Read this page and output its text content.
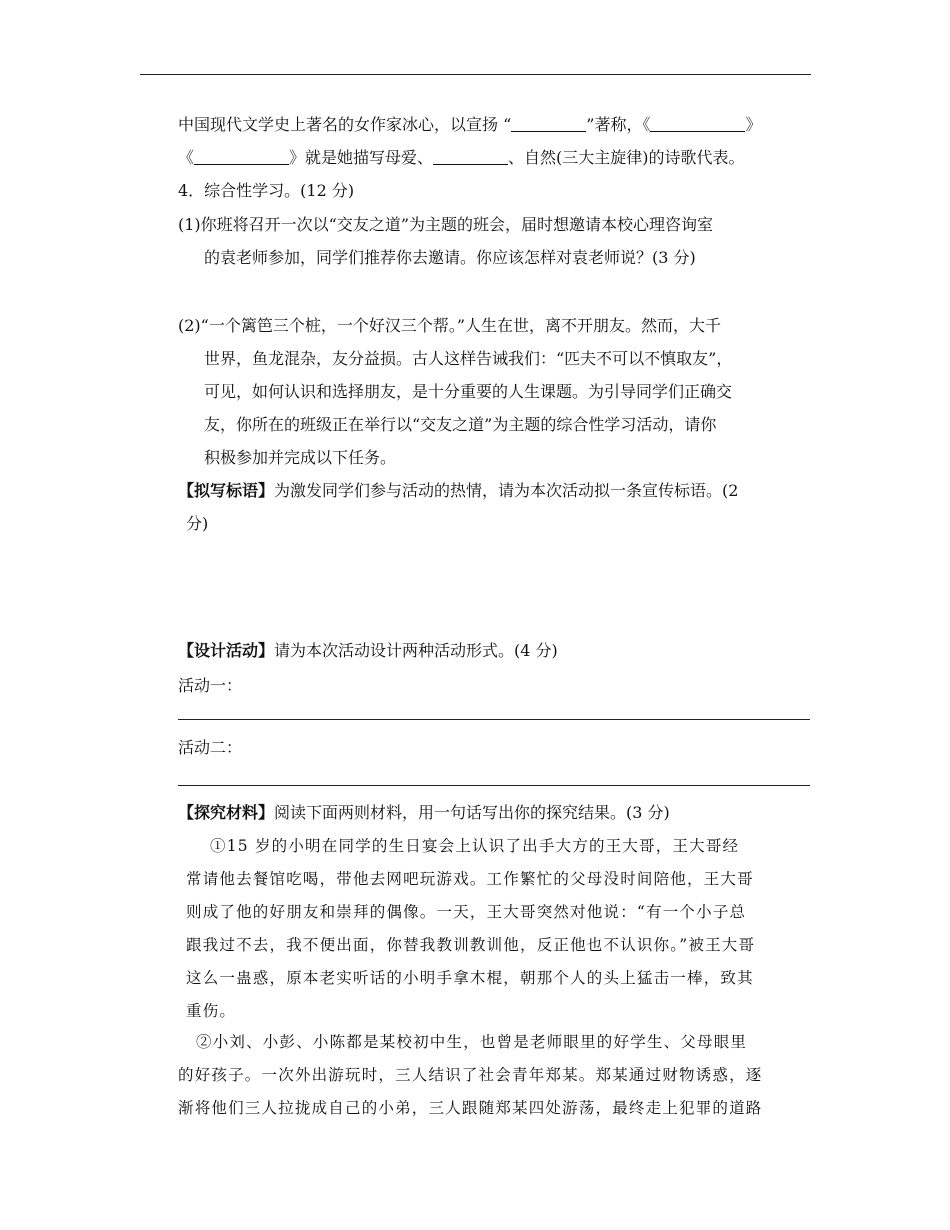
中国现代文学史上著名的女作家冰心，以宣扬 “	”著称，《	》
《	》就是她描写母爱、	、自然(三大主旋律)的诗歌代表。
4．综合性学习。(12 分)
(1)你班将召开一次以“交友之道”为主题的班会，届时想邀请本校心理咨询室
的袁老师参加，同学们推荐你去邀请。你应该怎样对袁老师说？(3 分)
(2)“一个篱笆三个桩，一个好汉三个帮。”人生在世，离不开朋友。然而，大千
世界，鱼龙混杂，友分益损。古人这样告诫我们：“匹夫不可以不慎取友”，
可见，如何认识和选择朋友，是十分重要的人生课题。为引导同学们正确交
友，你所在的班级正在举行以“交友之道”为主题的综合性学习活动，请你
积极参加并完成以下任务。
【拟写标语】为激发同学们参与活动的热情，请为本次活动拟一条宣传标语。(2
分)
【设计活动】请为本次活动设计两种活动形式。(4 分)
活动一：
活动二：
【探究材料】阅读下面两则材料，用一句话写出你的探究结果。(3 分)
①15 岁的小明在同学的生日宴会上认识了出手大方的王大哥，王大哥经
常请他去餐馆吃喝，带他去网吧玩游戏。工作繁忙的父母没时间陪他，王大哥
则成了他的好朋友和崇拜的偶像。一天，王大哥突然对他说：“有一个小子总
跟我过不去，我不便出面，你替我教训教训他，反正他也不认识你。”被王大哥
这么一蛊惑，原本老实听话的小明手拿木棍，朝那个人的头上猛击一棒，致其
重伤。
②小刘、小彭、小陈都是某校初中生，也曾是老师眼里的好学生、父母眼里
的好孩子。一次外出游玩时，三人结识了社会青年郑某。郑某通过财物诱惑，逐
渐将他们三人拉拢成自己的小弟，三人跟随郑某四处游荡，最终走上犯罪的道路
